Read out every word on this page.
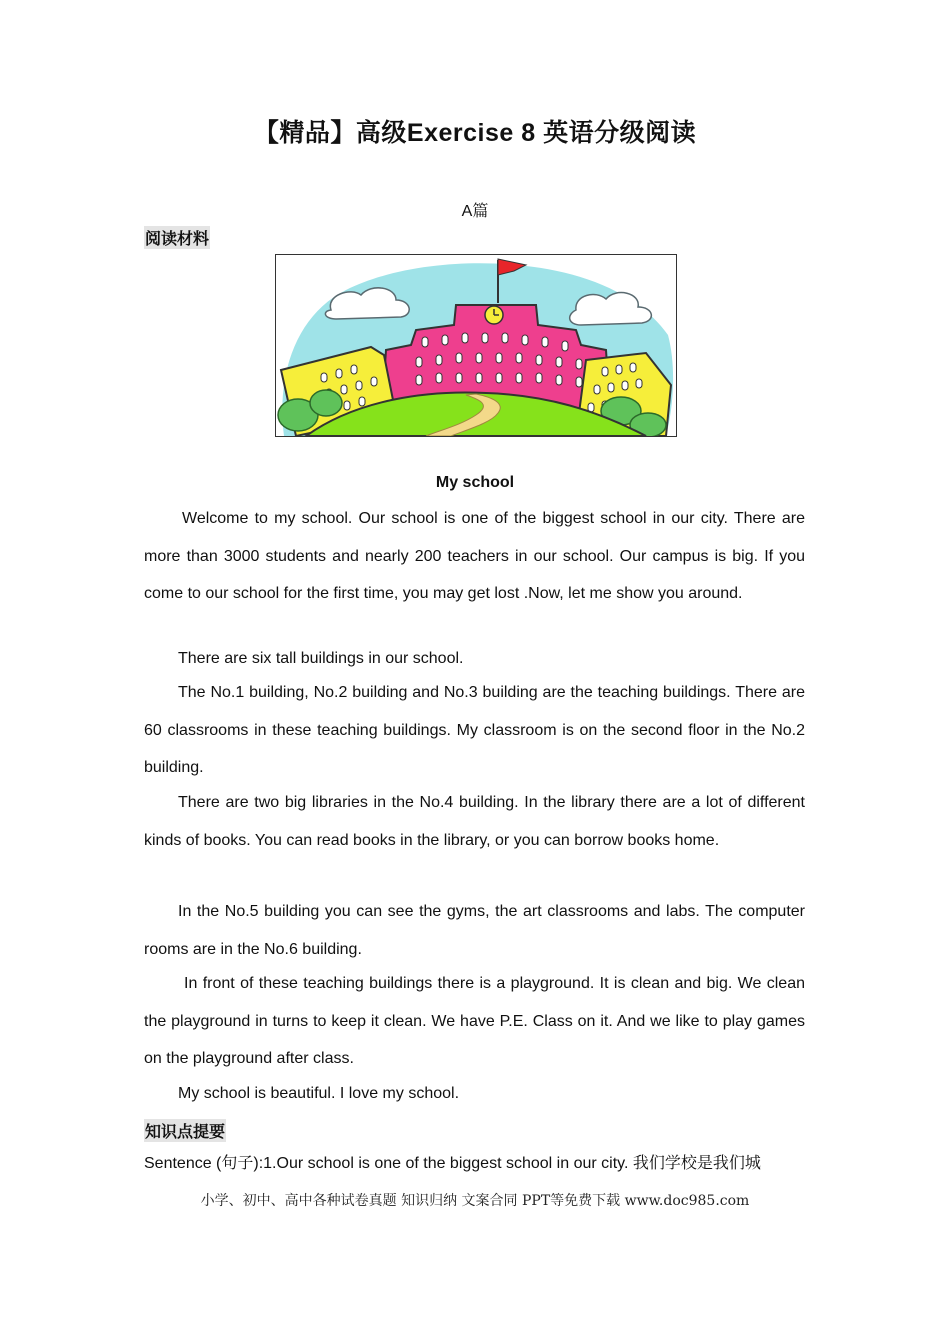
【精品】高级Exercise 8 英语分级阅读
A篇
阅读材料
My school

Welcome to my school. Our school is one of the biggest school in our city. There are more than 3000 students and nearly 200 teachers in our school. Our campus is big. If you come to our school for the first time, you may get lost .Now, let me show you around.

There are six tall buildings in our school.

The No.1 building, No.2 building and No.3 building are the teaching buildings. There are 60 classrooms in these teaching buildings. My classroom is on the second floor in the No.2 building.

There are two big libraries in the No.4 building. In the library there are a lot of different kinds of books. You can read books in the library, or you can borrow books home.

In the No.5 building you can see the gyms, the art classrooms and labs. The computer rooms are in the No.6 building.

In front of these teaching buildings there is a playground. It is clean and big. We clean the playground in turns to keep it clean. We have P.E. Class on it. And we like to play games on the playground after class.

My school is beautiful. I love my school.

知识点提要
Sentence (句子):1.Our school is one of the biggest school in our city. 我们学校是我们城
小学、初中、高中各种试卷真题 知识归纳 文案合同 PPT等免费下载 www.doc985.com
